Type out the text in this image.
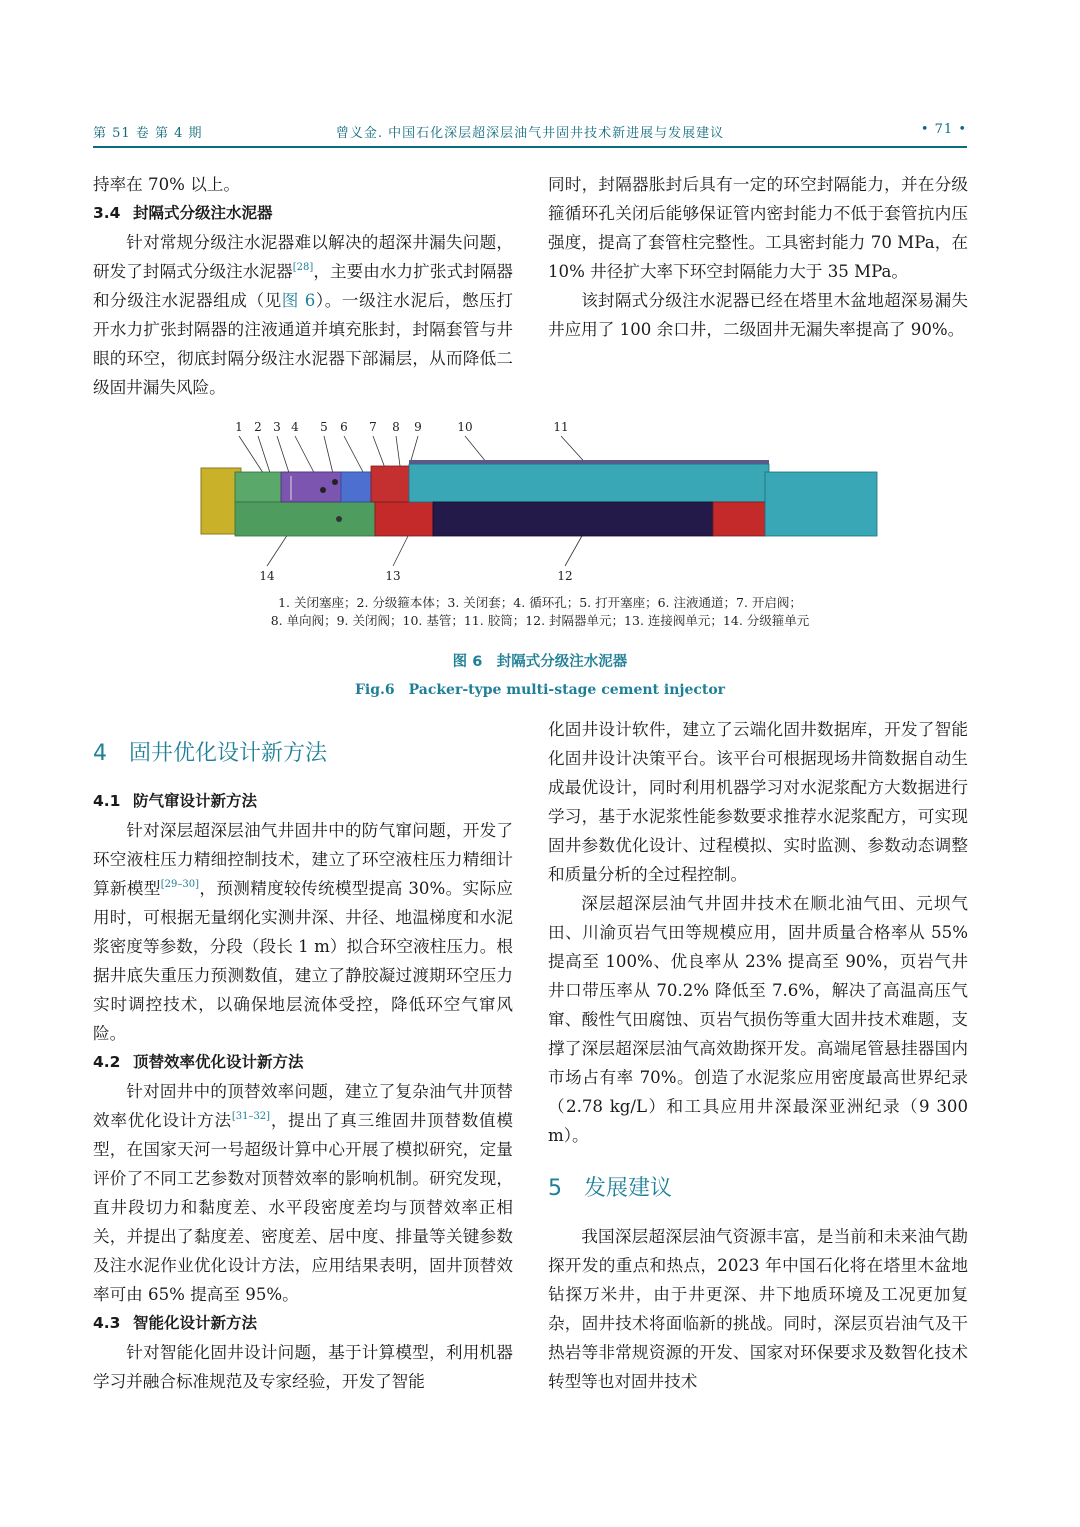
第 51 卷 第 4 期	曾义金. 中国石化深层超深层油气井固井技术新进展与发展建议	• 71 •

持率在 70% 以上。

3.4 封隔式分级注水泥器

针对常规分级注水泥器难以解决的超深井漏失问题，研发了封隔式分级注水泥器[28]，主要由水力扩张式封隔器和分级注水泥器组成（见图 6）。一级注水泥后，憋压打开水力扩张封隔器的注液通道并填充胀封，封隔套管与井眼的环空，彻底封隔分级注水泥器下部漏层，从而降低二级固井漏失风险。

同时，封隔器胀封后具有一定的环空封隔能力，并在分级箍循环孔关闭后能够保证管内密封能力不低于套管抗内压强度，提高了套管柱完整性。工具密封能力 70 MPa，在 10% 井径扩大率下环空封隔能力大于 35 MPa。

该封隔式分级注水泥器已经在塔里木盆地超深易漏失井应用了 100 余口井，二级固井无漏失率提高了 90%。

1 2 3 4 5 6 7 8 9	10	11
14	13	12
1. 关闭塞座；2. 分级箍本体；3. 关闭套；4. 循环孔；5. 打开塞座；6. 注液通道；7. 开启阀；
8. 单向阀；9. 关闭阀；10. 基管；11. 胶筒；12. 封隔器单元；13. 连接阀单元；14. 分级箍单元
图 6　封隔式分级注水泥器
Fig.6　Packer-type multi-stage cement injector
4 固井优化设计新方法
4.1 防气窜设计新方法

针对深层超深层油气井固井中的防气窜问题，开发了环空液柱压力精细控制技术，建立了环空液柱压力精细计算新模型[29–30]，预测精度较传统模型提高 30%。实际应用时，可根据无量纲化实测井深、井径、地温梯度和水泥浆密度等参数，分段（段长 1 m）拟合环空液柱压力。根据井底失重压力预测数值，建立了静胶凝过渡期环空压力实时调控技术，以确保地层流体受控，降低环空气窜风险。

4.2 顶替效率优化设计新方法

针对固井中的顶替效率问题，建立了复杂油气井顶替效率优化设计方法[31–32]，提出了真三维固井顶替数值模型，在国家天河一号超级计算中心开展了模拟研究，定量评价了不同工艺参数对顶替效率的影响机制。研究发现，直井段切力和黏度差、水平段密度差均与顶替效率正相关，并提出了黏度差、密度差、居中度、排量等关键参数及注水泥作业优化设计方法，应用结果表明，固井顶替效率可由 65% 提高至 95%。

4.3 智能化设计新方法

针对智能化固井设计问题，基于计算模型，利用机器学习并融合标准规范及专家经验，开发了智能

化固井设计软件，建立了云端化固井数据库，开发了智能化固井设计决策平台。该平台可根据现场井筒数据自动生成最优设计，同时利用机器学习对水泥浆配方大数据进行学习，基于水泥浆性能参数要求推荐水泥浆配方，可实现固井参数优化设计、过程模拟、实时监测、参数动态调整和质量分析的全过程控制。

深层超深层油气井固井技术在顺北油气田、元坝气田、川渝页岩气田等规模应用，固井质量合格率从 55% 提高至 100%、优良率从 23% 提高至 90%，页岩气井井口带压率从 70.2% 降低至 7.6%，解决了高温高压气窜、酸性气田腐蚀、页岩气损伤等重大固井技术难题，支撑了深层超深层油气高效勘探开发。高端尾管悬挂器国内市场占有率 70%。创造了水泥浆应用密度最高世界纪录（2.78 kg/L）和工具应用井深最深亚洲纪录（9 300 m）。

5 发展建议

我国深层超深层油气资源丰富，是当前和未来油气勘探开发的重点和热点，2023 年中国石化将在塔里木盆地钻探万米井，由于井更深、井下地质环境及工况更加复杂，固井技术将面临新的挑战。同时，深层页岩油气及干热岩等非常规资源的开发、国家对环保要求及数智化技术转型等也对固井技术
